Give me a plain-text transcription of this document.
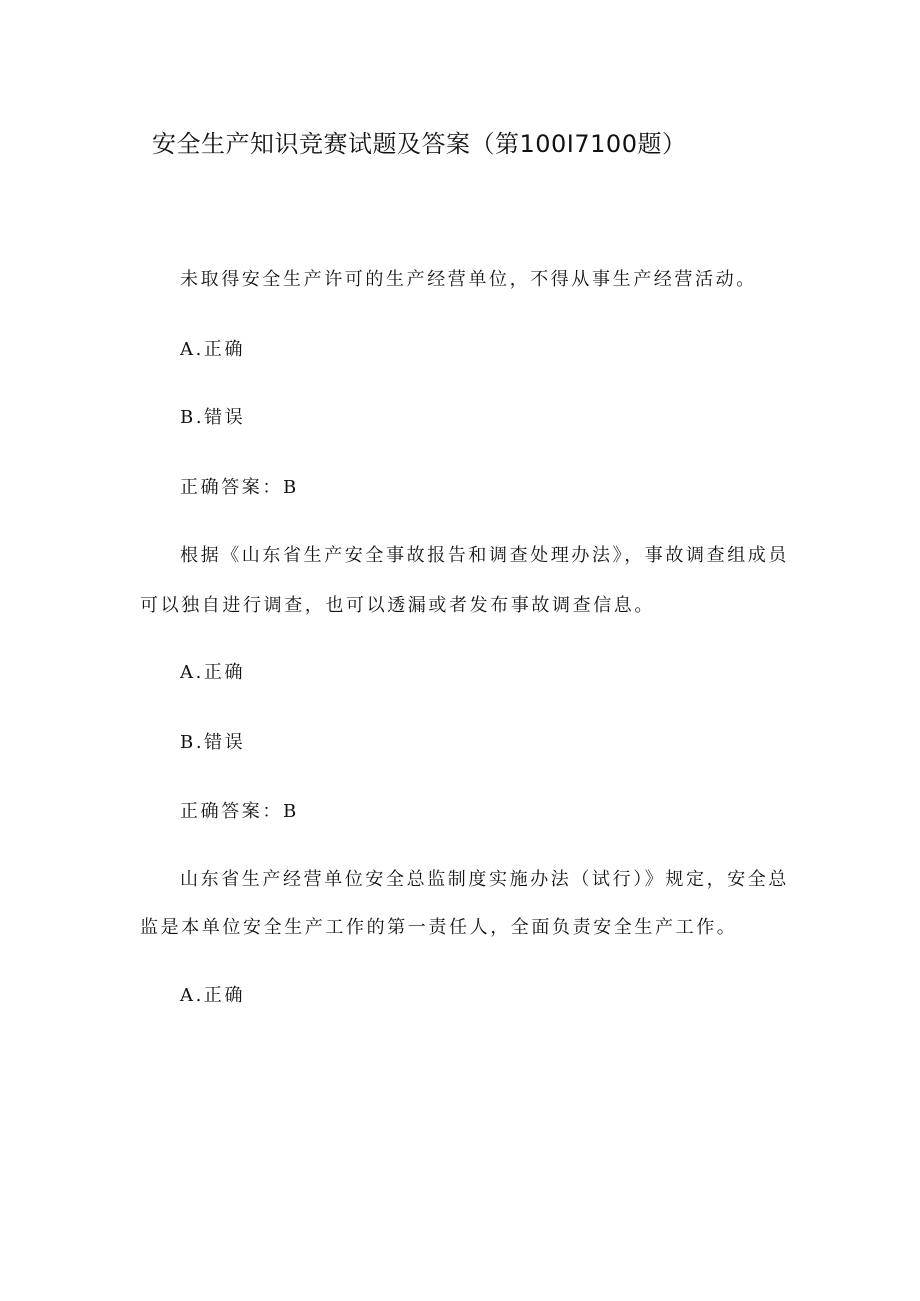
安全生产知识竞赛试题及答案（第100I7100题）
未取得安全生产许可的生产经营单位，不得从事生产经营活动。
A.正确
B.错误
正确答案：B
根据《山东省生产安全事故报告和调查处理办法》，事故调查组成员
可以独自进行调查，也可以透漏或者发布事故调查信息。
A.正确
B.错误
正确答案：B
山东省生产经营单位安全总监制度实施办法（试行）》规定，安全总
监是本单位安全生产工作的第一责任人，全面负责安全生产工作。
A.正确
